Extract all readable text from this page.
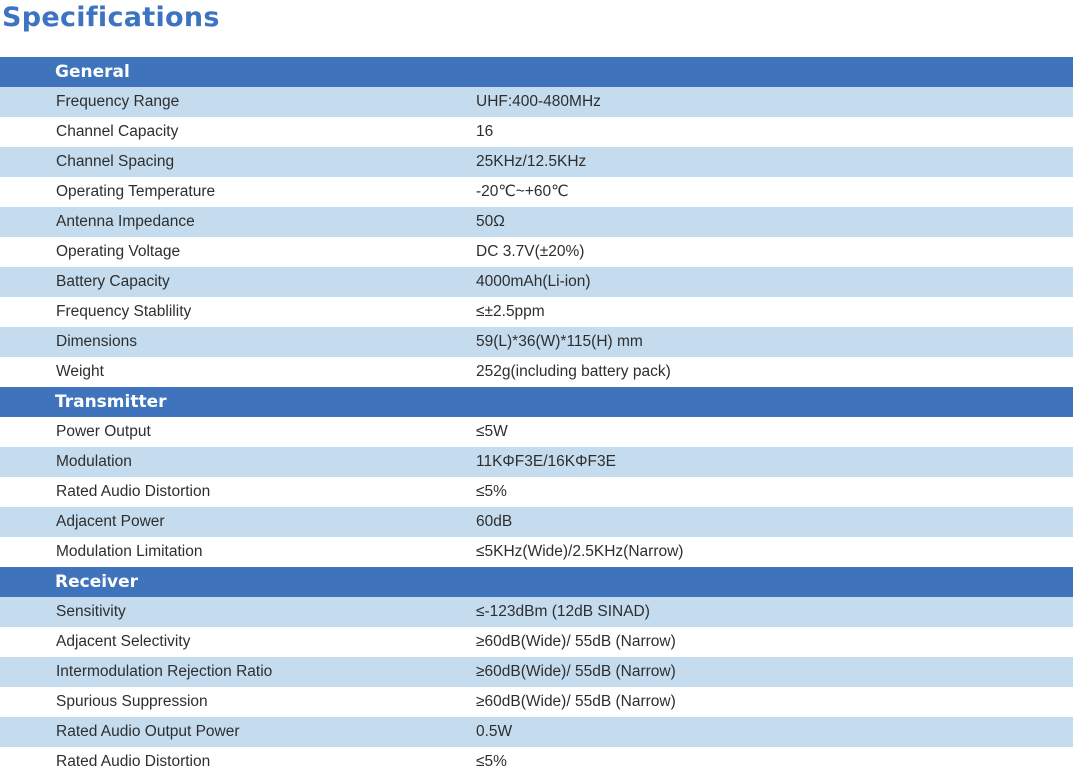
Specifications
General
Frequency Range	UHF:400-480MHz
Channel Capacity	16
Channel Spacing	25KHz/12.5KHz
Operating Temperature	-20℃~+60℃
Antenna Impedance	50Ω
Operating Voltage	DC 3.7V(±20%)
Battery Capacity	4000mAh(Li-ion)
Frequency Stablility	≤±2.5ppm
Dimensions	59(L)*36(W)*115(H) mm
Weight	252g(including battery pack)
Transmitter
Power Output	≤5W
Modulation	11KΦF3E/16KΦF3E
Rated Audio Distortion	≤5%
Adjacent Power	60dB
Modulation Limitation	≤5KHz(Wide)/2.5KHz(Narrow)
Receiver
Sensitivity	≤-123dBm (12dB SINAD)
Adjacent Selectivity	≥60dB(Wide)/ 55dB (Narrow)
Intermodulation Rejection Ratio	≥60dB(Wide)/ 55dB (Narrow)
Spurious Suppression	≥60dB(Wide)/ 55dB (Narrow)
Rated Audio Output Power	0.5W
Rated Audio Distortion	≤5%
